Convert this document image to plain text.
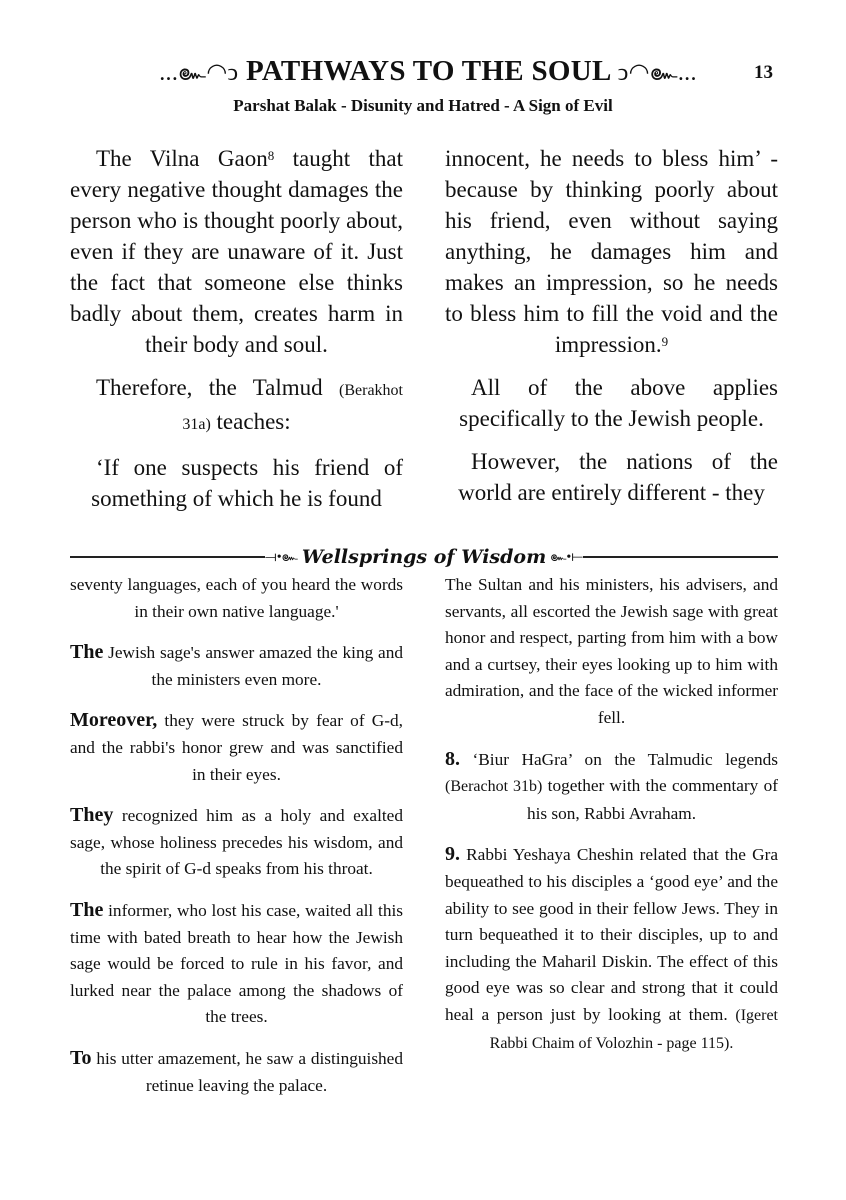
...๛◠ↄ PATHWAYS TO THE SOUL ↄ◠๛...	13
Parshat Balak - Disunity and Hatred - A Sign of Evil

The Vilna Gaon$^8$ taught that every negative thought damages the person who is thought poorly about, even if they are unaware of it. Just the fact that someone else thinks badly about them, creates harm in their body and soul.

Therefore, the Talmud (Berakhot 31a) teaches:

‘If one suspects his friend of something of which he is found

innocent, he needs to bless him’ - because by thinking poorly about his friend, even without saying anything, he damages him and makes an impression, so he needs to bless him to fill the void and the impression.$^9$

All of the above applies specifically to the Jewish people.

However, the nations of the world are entirely different - they

⟞•๛ Wellsprings of Wisdom ๛•⟝

seventy languages, each of you heard the words in their own native language.'

The Jewish sage's answer amazed the king and the ministers even more.

Moreover, they were struck by fear of G-d, and the rabbi's honor grew and was sanctified in their eyes.

They recognized him as a holy and exalted sage, whose holiness precedes his wisdom, and the spirit of G-d speaks from his throat.

The informer, who lost his case, waited all this time with bated breath to hear how the Jewish sage would be forced to rule in his favor, and lurked near the palace among the shadows of the trees.

To his utter amazement, he saw a distinguished retinue leaving the palace.

The Sultan and his ministers, his advisers, and servants, all escorted the Jewish sage with great honor and respect, parting from him with a bow and a curtsey, their eyes looking up to him with admiration, and the face of the wicked informer fell.

8. ‘Biur HaGra’ on the Talmudic legends (Berachot 31b) together with the commentary of his son, Rabbi Avraham.

9. Rabbi Yeshaya Cheshin related that the Gra bequeathed to his disciples a ‘good eye’ and the ability to see good in their fellow Jews. They in turn bequeathed it to their disciples, up to and including the Maharil Diskin. The effect of this good eye was so clear and strong that it could heal a person just by looking at them. (Igeret Rabbi Chaim of Volozhin - page 115).
